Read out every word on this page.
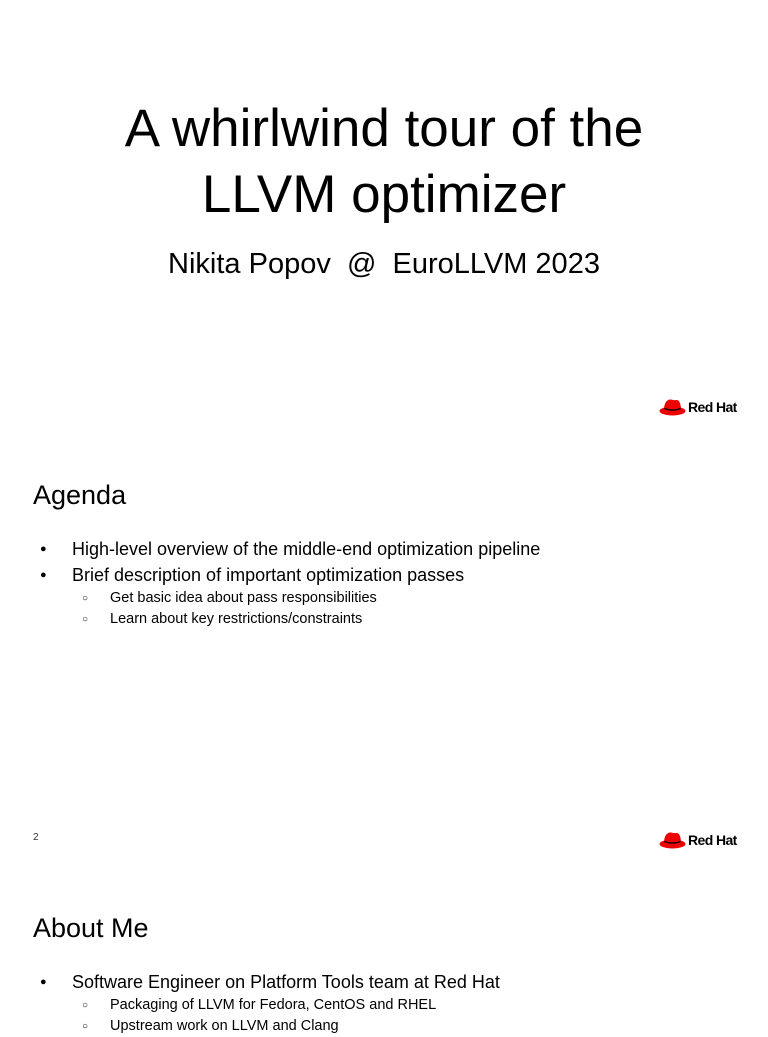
A whirlwind tour of the
LLVM optimizer
Nikita Popov  @  EuroLLVM 2023
Red Hat
Agenda
● High-level overview of the middle-end optimization pipeline
● Brief description of important optimization passes
○ Get basic idea about pass responsibilities
○ Learn about key restrictions/constraints
2	Red Hat
About Me
● Software Engineer on Platform Tools team at Red Hat
○ Packaging of LLVM for Fedora, CentOS and RHEL
○ Upstream work on LLVM and Clang
